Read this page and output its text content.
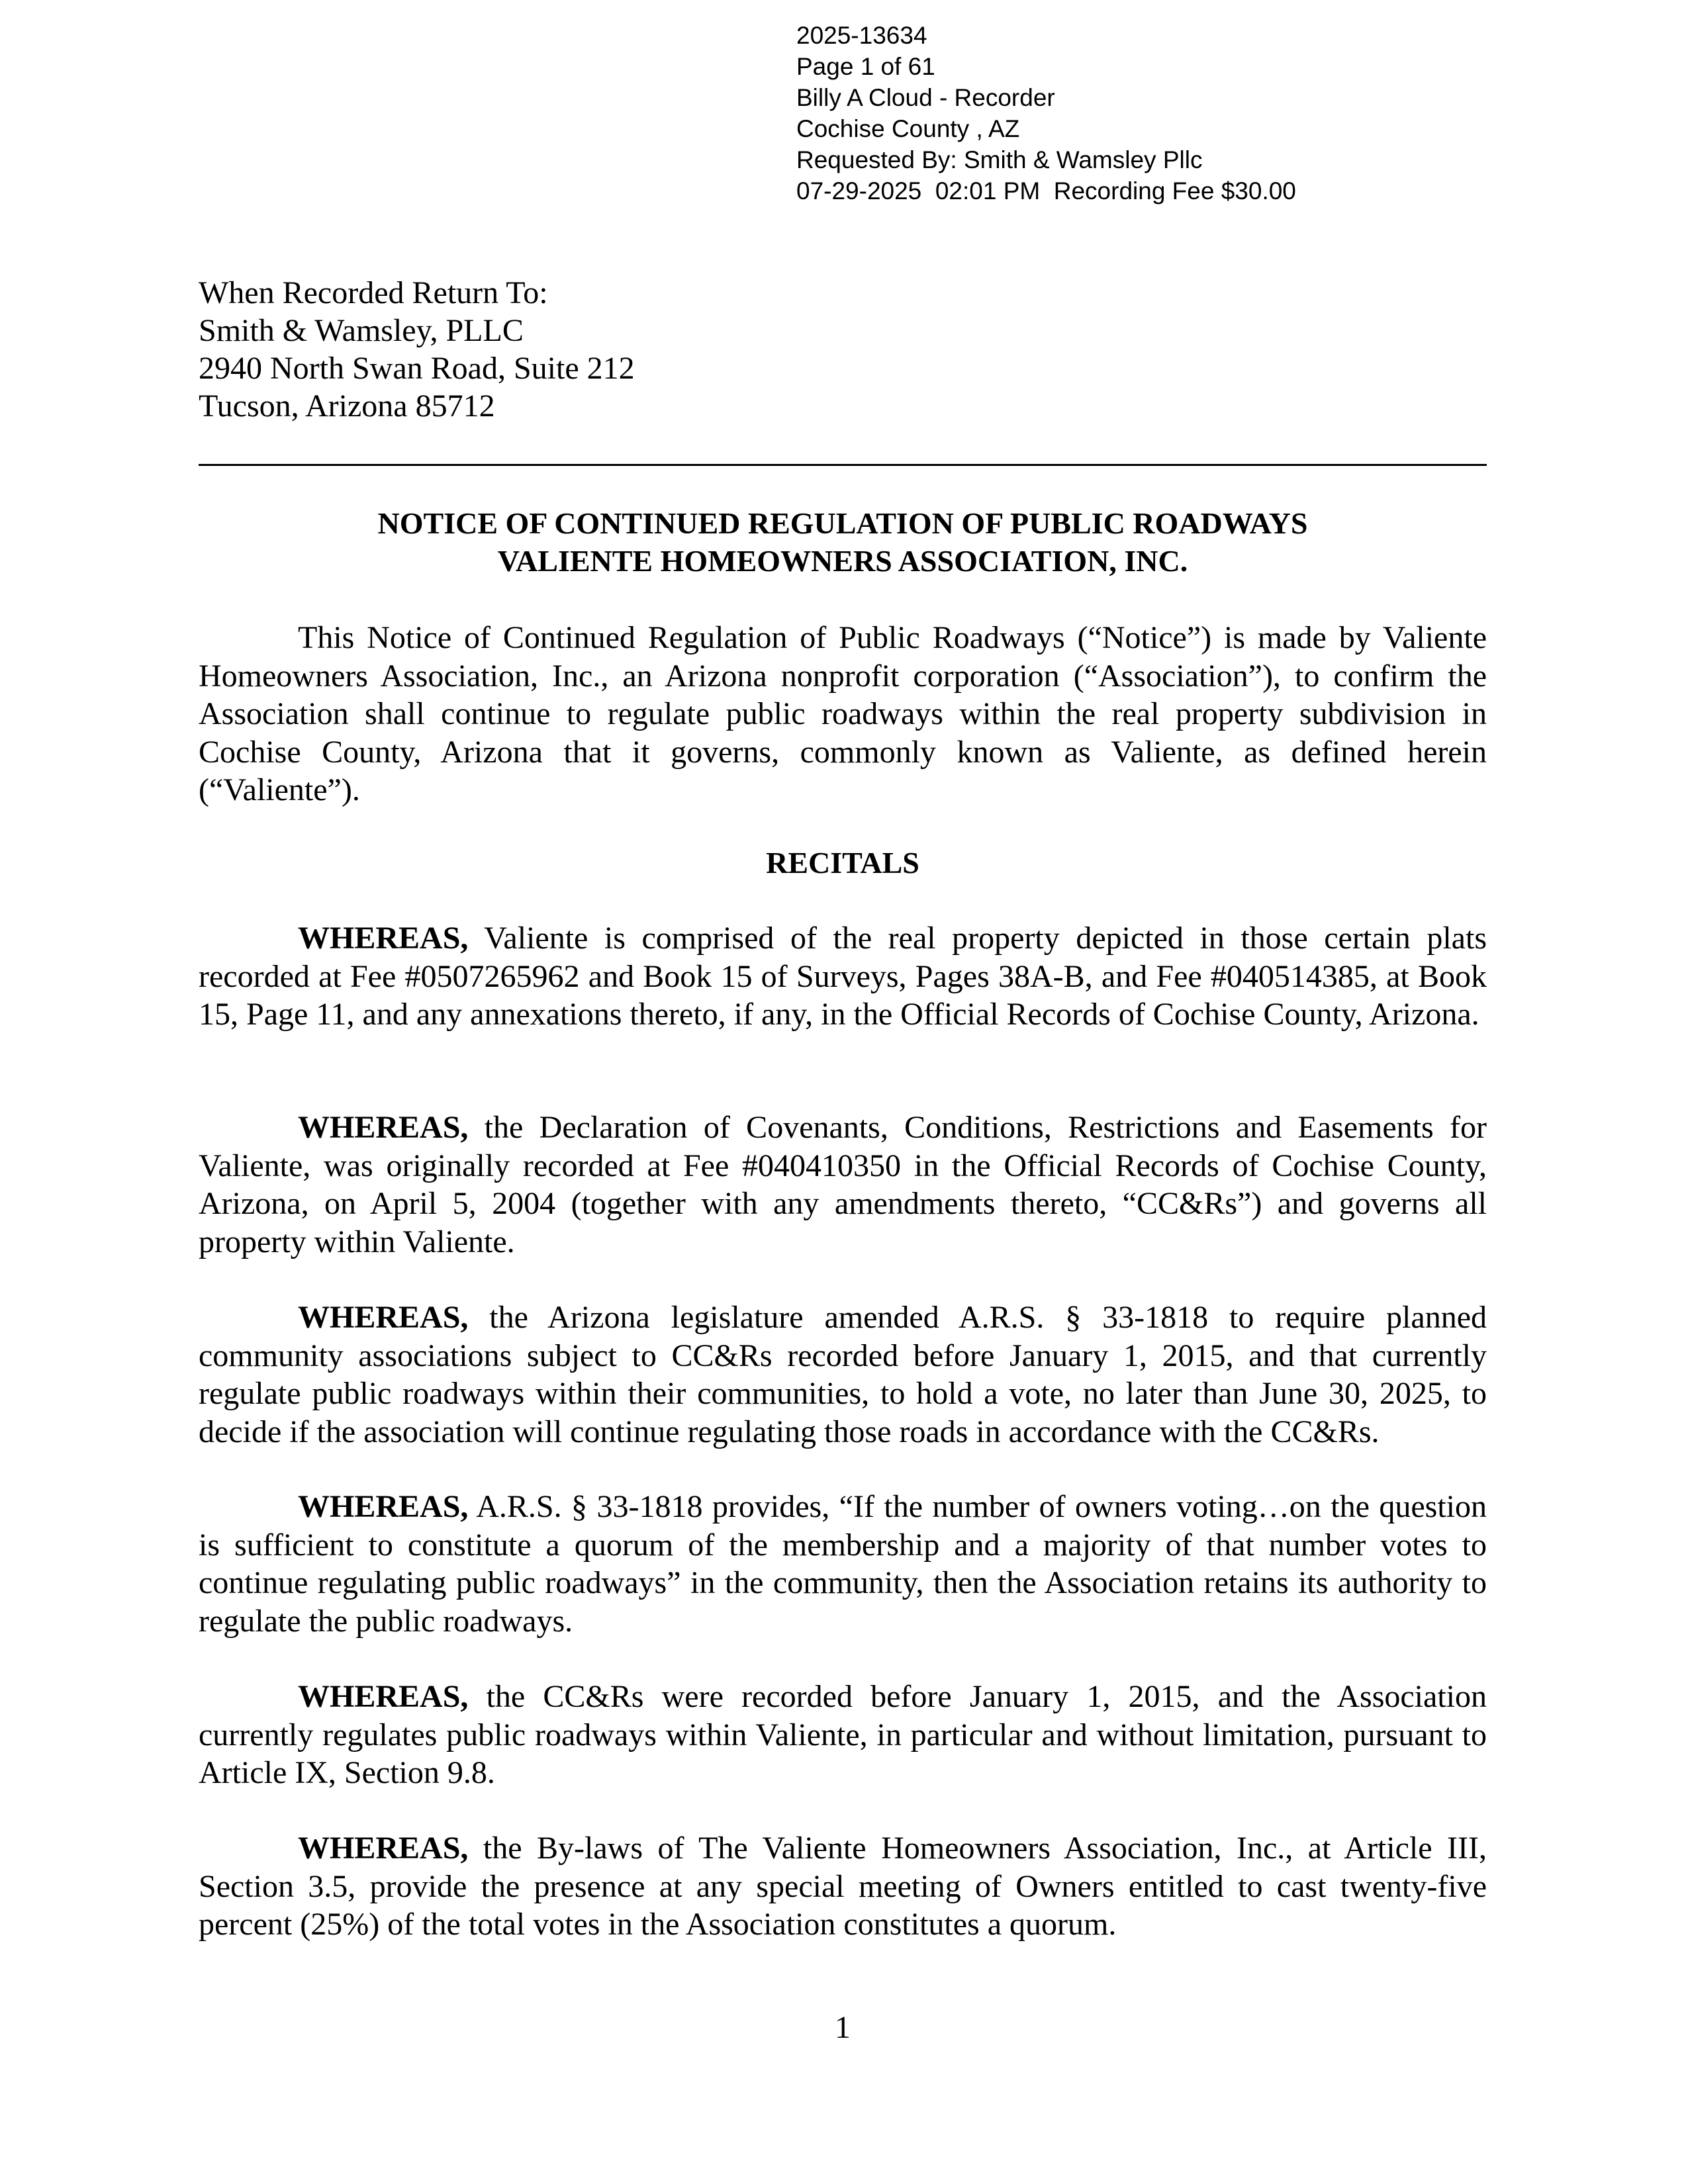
2025-13634
Page 1 of 61
Billy A Cloud - Recorder
Cochise County , AZ
Requested By: Smith & Wamsley Pllc
07-29-2025  02:01 PM  Recording Fee $30.00
When Recorded Return To:
Smith & Wamsley, PLLC
2940 North Swan Road, Suite 212
Tucson, Arizona 85712
NOTICE OF CONTINUED REGULATION OF PUBLIC ROADWAYS
VALIENTE HOMEOWNERS ASSOCIATION, INC.

This Notice of Continued Regulation of Public Roadways (“Notice”) is made by Valiente Homeowners Association, Inc., an Arizona nonprofit corporation (“Association”), to confirm the Association shall continue to regulate public roadways within the real property subdivision in Cochise County, Arizona that it governs, commonly known as Valiente, as defined herein (“Valiente”).

RECITALS

WHEREAS, Valiente is comprised of the real property depicted in those certain plats recorded at Fee #0507265962 and Book 15 of Surveys, Pages 38A-B, and Fee #040514385, at Book 15, Page 11, and any annexations thereto, if any, in the Official Records of Cochise County, Arizona.

WHEREAS, the Declaration of Covenants, Conditions, Restrictions and Easements for Valiente, was originally recorded at Fee #040410350 in the Official Records of Cochise County, Arizona, on April 5, 2004 (together with any amendments thereto, “CC&Rs”) and governs all property within Valiente.

WHEREAS, the Arizona legislature amended A.R.S. § 33-1818 to require planned community associations subject to CC&Rs recorded before January 1, 2015, and that currently regulate public roadways within their communities, to hold a vote, no later than June 30, 2025, to decide if the association will continue regulating those roads in accordance with the CC&Rs.

WHEREAS, A.R.S. § 33-1818 provides, “If the number of owners voting…on the question is sufficient to constitute a quorum of the membership and a majority of that number votes to continue regulating public roadways” in the community, then the Association retains its authority to regulate the public roadways.

WHEREAS, the CC&Rs were recorded before January 1, 2015, and the Association currently regulates public roadways within Valiente, in particular and without limitation, pursuant to Article IX, Section 9.8.

WHEREAS, the By-laws of The Valiente Homeowners Association, Inc., at Article III, Section 3.5, provide the presence at any special meeting of Owners entitled to cast twenty-five percent (25%) of the total votes in the Association constitutes a quorum.

1
